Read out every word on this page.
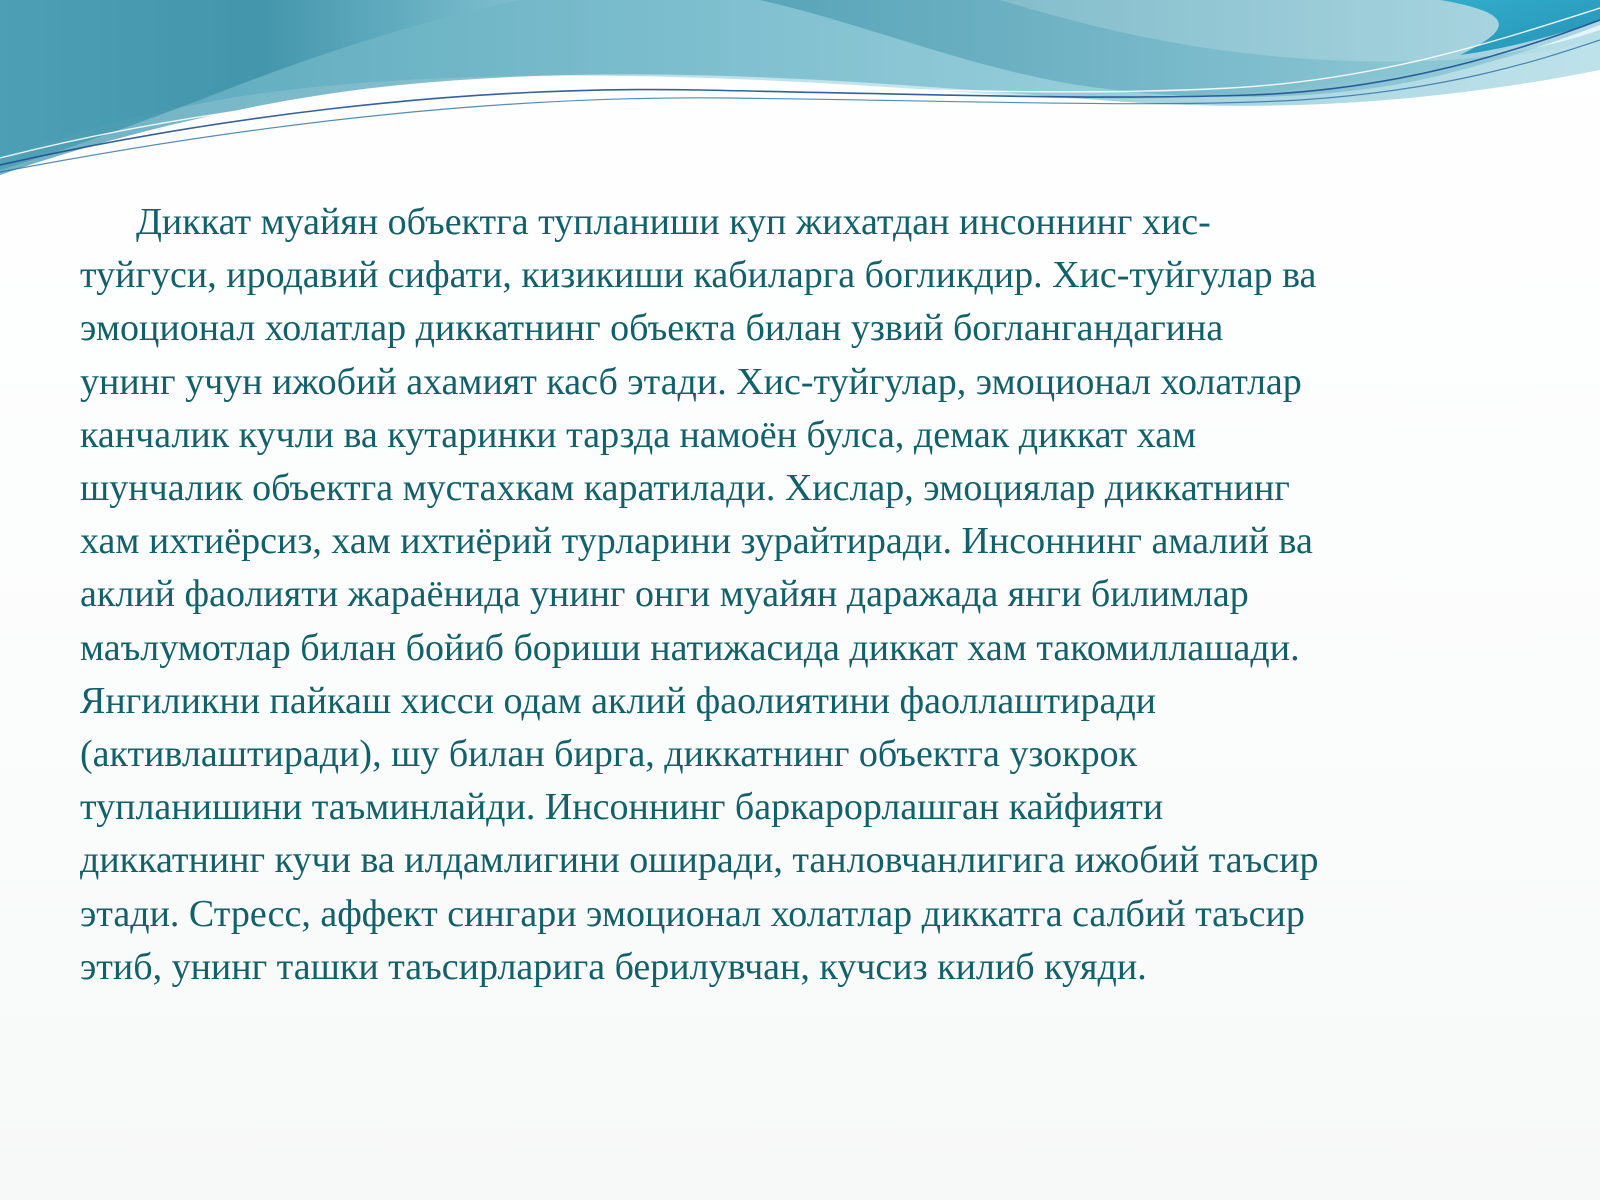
Диккат муайян объектга тупланиши куп жихатдан инсоннинг хис-
туйгуси, иродавий сифати, кизикиши кабиларга богликдир. Хис-туйгулар ва
эмоционал холатлар диккатнинг объекта билан узвий боглангандагина
унинг учун ижобий ахамият касб этади. Хис-туйгулар, эмоционал холатлар
канчалик кучли ва кутаринки тарзда намоён булса, демак диккат хам
шунчалик объектга мустахкам каратилади. Хислар, эмоциялар диккатнинг
хам ихтиёрсиз, хам ихтиёрий турларини зурайтиради. Инсоннинг амалий ва
аклий фаолияти жараёнида унинг онги муайян даражада янги билимлар
маълумотлар билан бойиб бориши натижасида диккат хам такомиллашади.
Янгиликни пайкаш хисси одам аклий фаолиятини фаоллаштиради
(активлаштиради), шу билан бирга, диккатнинг объектга узокрок
тупланишини таъминлайди. Инсоннинг баркарорлашган кайфияти
диккатнинг кучи ва илдамлигини оширади, танловчанлигига ижобий таъсир
этади. Стресс, аффект сингари эмоционал холатлар диккатга салбий таъсир
этиб, унинг ташки таъсирларига берилувчан, кучсиз килиб куяди.
